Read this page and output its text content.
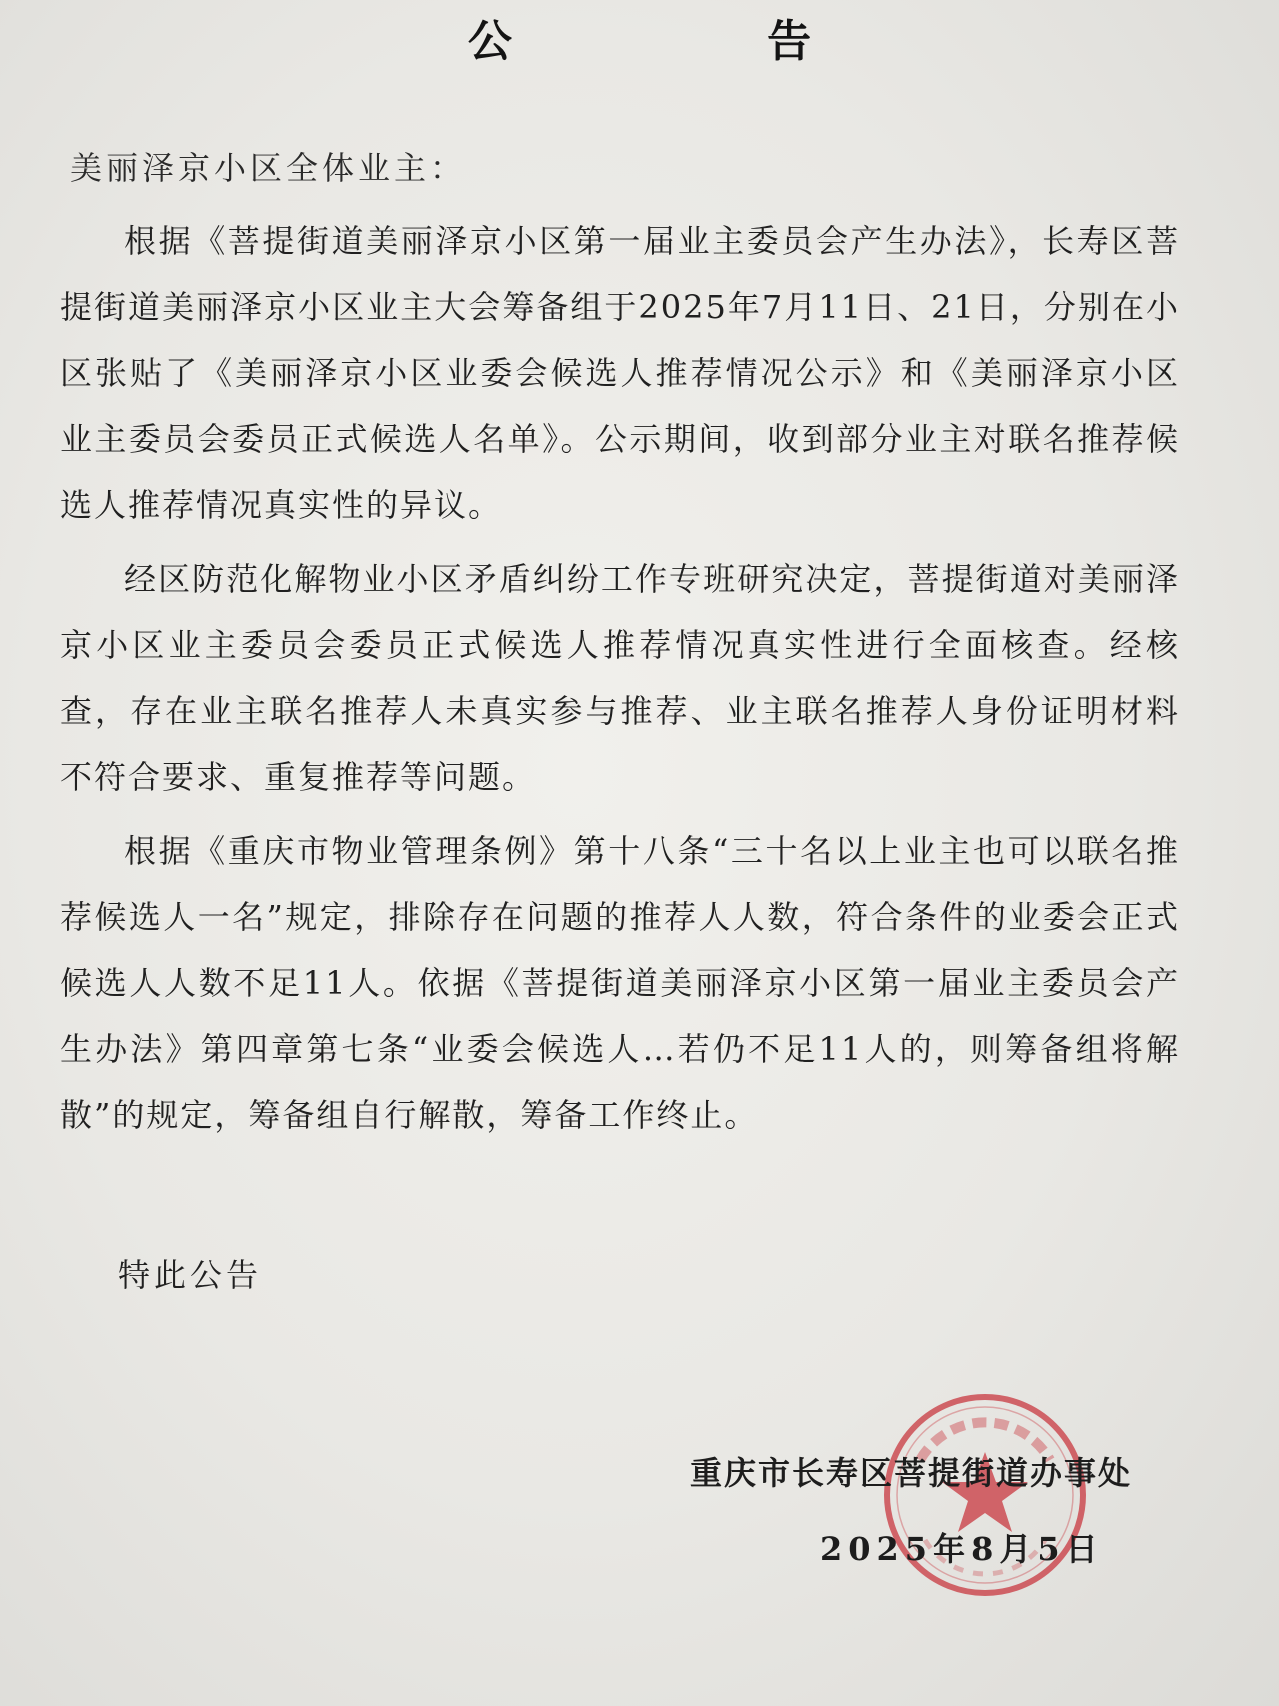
公 告
美丽泽京小区全体业主：

根据《菩提街道美丽泽京小区第一届业主委员会产生办法》，长寿区菩提街道美丽泽京小区业主大会筹备组于2025年7月11日、21日，分别在小区张贴了《美丽泽京小区业委会候选人推荐情况公示》和《美丽泽京小区业主委员会委员正式候选人名单》。公示期间，收到部分业主对联名推荐候选人推荐情况真实性的异议。

经区防范化解物业小区矛盾纠纷工作专班研究决定，菩提街道对美丽泽京小区业主委员会委员正式候选人推荐情况真实性进行全面核查。经核查，存在业主联名推荐人未真实参与推荐、业主联名推荐人身份证明材料不符合要求、重复推荐等问题。

根据《重庆市物业管理条例》第十八条“三十名以上业主也可以联名推荐候选人一名”规定，排除存在问题的推荐人人数，符合条件的业委会正式候选人人数不足11人。依据《菩提街道美丽泽京小区第一届业主委员会产生办法》第四章第七条“业委会候选人…若仍不足11人的，则筹备组将解散”的规定，筹备组自行解散，筹备工作终止。

特此公告
重庆市长寿区菩提街道办事处
2025年8月5日
